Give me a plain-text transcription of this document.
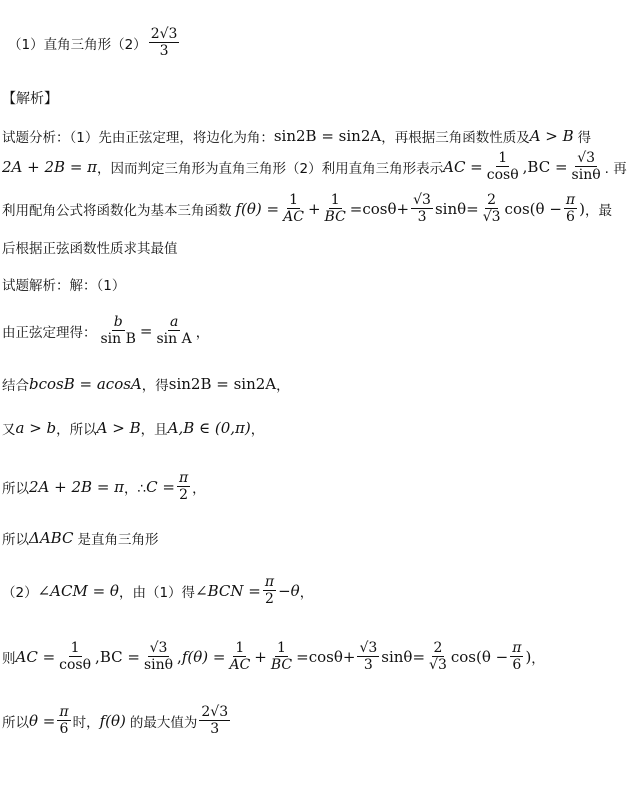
（1）直角三角形$(2) \frac{2√3}{3}$
【解析】
试题分析：（1）先由正弦定理，将边化为角： sin2B = sin2A ，再根据三角函数性质及 A > B 得
2A + 2B = π ，因而判定三角形为直角三角形（2）利用直角三角形表示 AC = $\frac{1}{\cos\theta} ,BC = \frac{√3}{\sin\theta}$ . 再
利用配角公式将函数化为基本三角函数 $f(\theta) = \frac{1}{AC} + \frac{1}{BC} = \cos\theta + \frac{√3}{3}$ $\sin\theta = \frac{2}{√3} \cos(\theta - \frac{\pi}{6}$ ) ，最
后根据正弦函数性质求其最值
试题解析：解：（1）
由正弦定理得： $\frac{b}{\text{sin B}} = \frac{a}{\text{sin A}}$ ，
结合 bcosB = acosA ，得 sin2B = sin2A ，
又 a > b ，所以 A > B ，且 A,B ∈ (0,π) ，
所以 2A + 2B = π ，∴ $C = \frac{\pi}{2}$ ，
所以 ΔABC 是直角三角形
（2） ∠ACM = θ ，由（1）得 ∠BCN = $\frac{\pi}{2} - \theta$ ，
则 AC = $\frac{1}{\cos\theta} ,BC = \frac{√3}{\sin\theta}$ , $f(\theta) = \frac{1}{AC} + \frac{1}{BC} = \cos\theta + \frac{√3}{3}$ $\sin\theta = \frac{2}{√3} \cos(\theta - \frac{\pi}{6}$ ) ，
所以 $\theta = \frac{\pi}{6}$ 时， f(θ) 的最大值为 $\frac{2√3}{3}$
